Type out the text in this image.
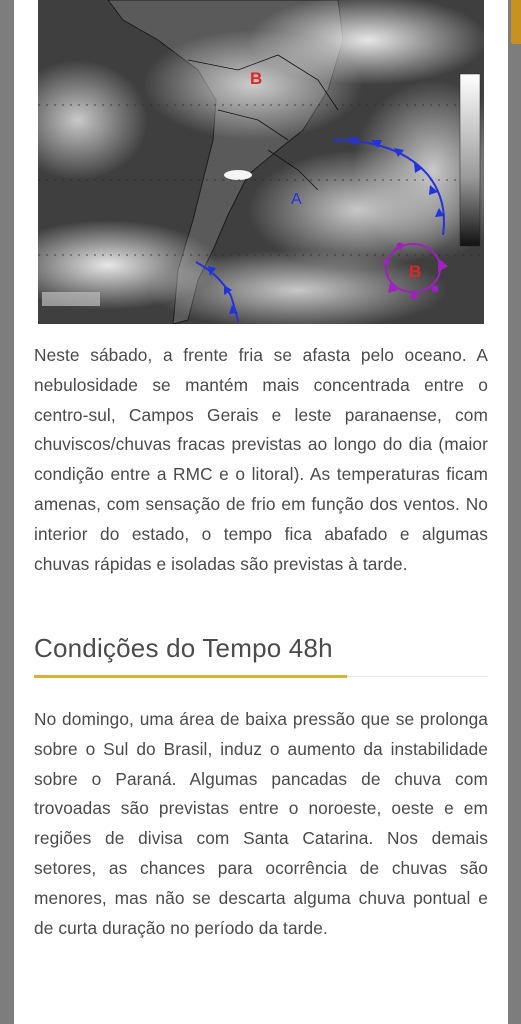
B
A
B

Neste sábado, a frente fria se afasta pelo oceano. A nebulosidade se mantém mais concentrada entre o centro-sul, Campos Gerais e leste paranaense, com chuviscos/chuvas fracas previstas ao longo do dia (maior condição entre a RMC e o litoral). As temperaturas ficam amenas, com sensação de frio em função dos ventos. No interior do estado, o tempo fica abafado e algumas chuvas rápidas e isoladas são previstas à tarde.

Condições do Tempo 48h

No domingo, uma área de baixa pressão que se prolonga sobre o Sul do Brasil, induz o aumento da instabilidade sobre o Paraná. Algumas pancadas de chuva com trovoadas são previstas entre o noroeste, oeste e em regiões de divisa com Santa Catarina. Nos demais setores, as chances para ocorrência de chuvas são menores, mas não se descarta alguma chuva pontual e de curta duração no período da tarde.
